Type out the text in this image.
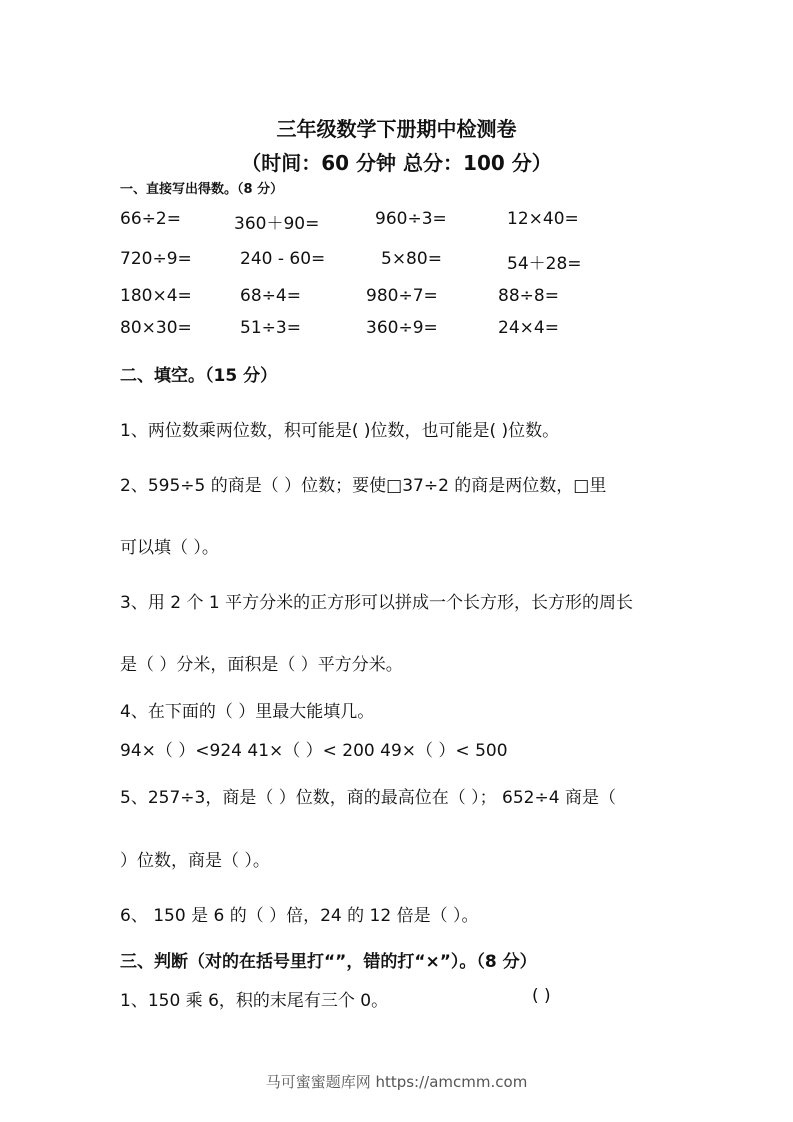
三年级数学下册期中检测卷
（时间：60 分钟 总分：100 分）
一、直接写出得数。（8 分）
66÷2=	360＋90=	960÷3=	12×40=
720÷9=	240 - 60=	5×80=	54＋28=
180×4=	68÷4=	980÷7=	88÷8=
80×30=	51÷3=	360÷9=	24×4=
二、填空。（15 分）
1、两位数乘两位数，积可能是( )位数，也可能是( )位数。
2、595÷5 的商是（ ）位数；要使□37÷2 的商是两位数，□里
可以填（ ）。
3、用 2 个 1 平方分米的正方形可以拼成一个长方形，长方形的周长
是（ ）分米，面积是（ ）平方分米。
4、在下面的（ ）里最大能填几。
94×（ ）<924 41×（ ）< 200 49×（ ）< 500
5、257÷3，商是（ ）位数，商的最高位在（ ）； 652÷4 商是（
）位数，商是（ ）。
6、 150 是 6 的（ ）倍，24 的 12 倍是（ ）。
三、判断（对的在括号里打“”，错的打“×”）。（8 分）
1、150 乘 6，积的末尾有三个 0。	( )
马可蜜蜜题库网 https://amcmm.com
